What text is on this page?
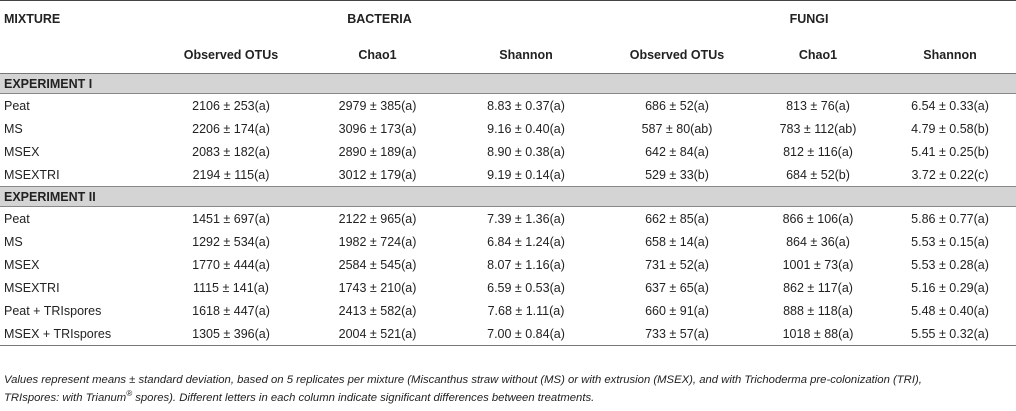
MIXTURE	BACTERIA			FUNGI		
	Observed OTUs	Chao1	Shannon	Observed OTUs	Chao1	Shannon
EXPERIMENT I						
Peat	2106 ± 253(a)	2979 ± 385(a)	8.83 ± 0.37(a)	686 ± 52(a)	813 ± 76(a)	6.54 ± 0.33(a)
MS	2206 ± 174(a)	3096 ± 173(a)	9.16 ± 0.40(a)	587 ± 80(ab)	783 ± 112(ab)	4.79 ± 0.58(b)
MSEX	2083 ± 182(a)	2890 ± 189(a)	8.90 ± 0.38(a)	642 ± 84(a)	812 ± 116(a)	5.41 ± 0.25(b)
MSEXTRI	2194 ± 115(a)	3012 ± 179(a)	9.19 ± 0.14(a)	529 ± 33(b)	684 ± 52(b)	3.72 ± 0.22(c)
EXPERIMENT II						
Peat	1451 ± 697(a)	2122 ± 965(a)	7.39 ± 1.36(a)	662 ± 85(a)	866 ± 106(a)	5.86 ± 0.77(a)
MS	1292 ± 534(a)	1982 ± 724(a)	6.84 ± 1.24(a)	658 ± 14(a)	864 ± 36(a)	5.53 ± 0.15(a)
MSEX	1770 ± 444(a)	2584 ± 545(a)	8.07 ± 1.16(a)	731 ± 52(a)	1001 ± 73(a)	5.53 ± 0.28(a)
MSEXTRI	1115 ± 141(a)	1743 ± 210(a)	6.59 ± 0.53(a)	637 ± 65(a)	862 ± 117(a)	5.16 ± 0.29(a)
Peat + TRIspores	1618 ± 447(a)	2413 ± 582(a)	7.68 ± 1.11(a)	660 ± 91(a)	888 ± 118(a)	5.48 ± 0.40(a)
MSEX + TRIspores	1305 ± 396(a)	2004 ± 521(a)	7.00 ± 0.84(a)	733 ± 57(a)	1018 ± 88(a)	5.55 ± 0.32(a)
Values represent means ± standard deviation, based on 5 replicates per mixture (Miscanthus straw without (MS) or with extrusion (MSEX), and with Trichoderma pre-colonization (TRI),
TRIspores: with Trianum® spores). Different letters in each column indicate significant differences between treatments.
